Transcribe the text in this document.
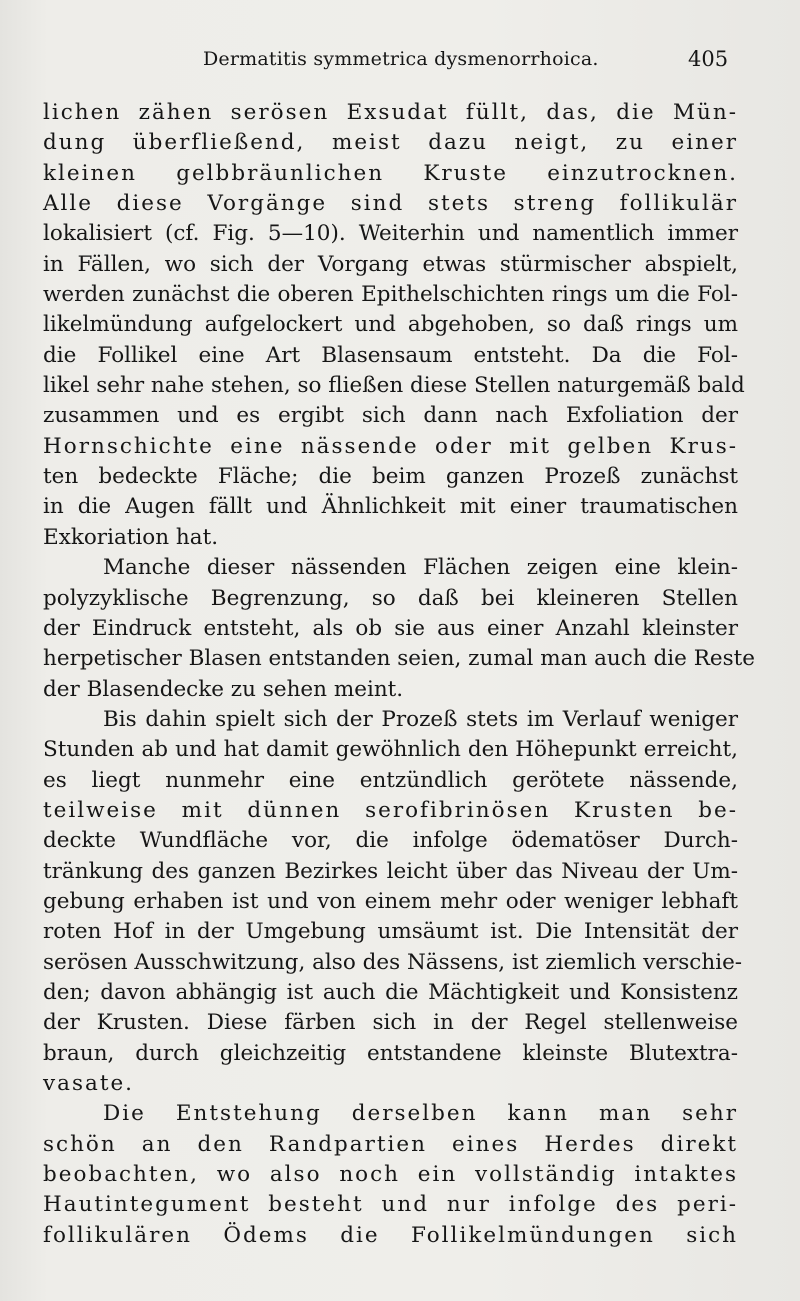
Dermatitis symmetrica dysmenorrhoica.	405
lichen zähen serösen Exsudat füllt, das, die Mün-
dung überfließend, meist dazu neigt, zu einer
kleinen gelbbräunlichen Kruste einzutrocknen.
Alle diese Vorgänge sind stets streng follikulär
lokalisiert (cf. Fig. 5—10). Weiterhin und namentlich immer
in Fällen, wo sich der Vorgang etwas stürmischer abspielt,
werden zunächst die oberen Epithelschichten rings um die Fol-
likelmündung aufgelockert und abgehoben, so daß rings um
die Follikel eine Art Blasensaum entsteht. Da die Fol-
likel sehr nahe stehen, so fließen diese Stellen naturgemäß bald
zusammen und es ergibt sich dann nach Exfoliation der
Hornschichte eine nässende oder mit gelben Krus-
ten bedeckte Fläche; die beim ganzen Prozeß zunächst
in die Augen fällt und Ähnlichkeit mit einer traumatischen
Exkoriation hat.
Manche dieser nässenden Flächen zeigen eine klein-
polyzyklische Begrenzung, so daß bei kleineren Stellen
der Eindruck entsteht, als ob sie aus einer Anzahl kleinster
herpetischer Blasen entstanden seien, zumal man auch die Reste
der Blasendecke zu sehen meint.
Bis dahin spielt sich der Prozeß stets im Verlauf weniger
Stunden ab und hat damit gewöhnlich den Höhepunkt erreicht,
es liegt nunmehr eine entzündlich gerötete nässende,
teilweise mit dünnen serofibrinösen Krusten be-
deckte Wundfläche vor, die infolge ödematöser Durch-
tränkung des ganzen Bezirkes leicht über das Niveau der Um-
gebung erhaben ist und von einem mehr oder weniger lebhaft
roten Hof in der Umgebung umsäumt ist. Die Intensität der
serösen Ausschwitzung, also des Nässens, ist ziemlich verschie-
den; davon abhängig ist auch die Mächtigkeit und Konsistenz
der Krusten. Diese färben sich in der Regel stellenweise
braun, durch gleichzeitig entstandene kleinste Blutextra-
vasate.
Die Entstehung derselben kann man sehr
schön an den Randpartien eines Herdes direkt
beobachten, wo also noch ein vollständig intaktes
Hautintegument besteht und nur infolge des peri-
follikulären Ödems die Follikelmündungen sich
